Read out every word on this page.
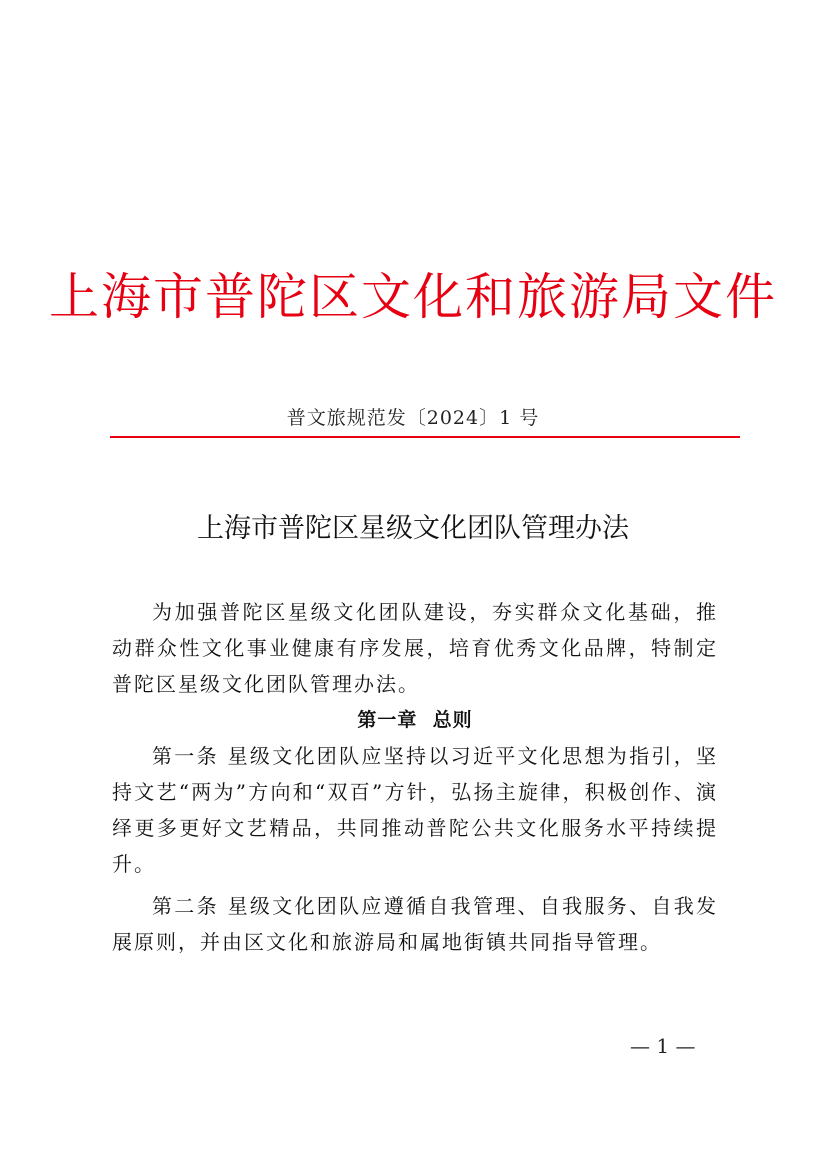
上海市普陀区文化和旅游局文件
普文旅规范发〔2024〕1 号
上海市普陀区星级文化团队管理办法

为加强普陀区星级文化团队建设，夯实群众文化基础，推动群众性文化事业健康有序发展，培育优秀文化品牌，特制定普陀区星级文化团队管理办法。

第一章  总则

第一条 星级文化团队应坚持以习近平文化思想为指引，坚持文艺“两为”方向和“双百”方针，弘扬主旋律，积极创作、演绎更多更好文艺精品，共同推动普陀公共文化服务水平持续提升。

第二条 星级文化团队应遵循自我管理、自我服务、自我发展原则，并由区文化和旅游局和属地街镇共同指导管理。

— 1 —
